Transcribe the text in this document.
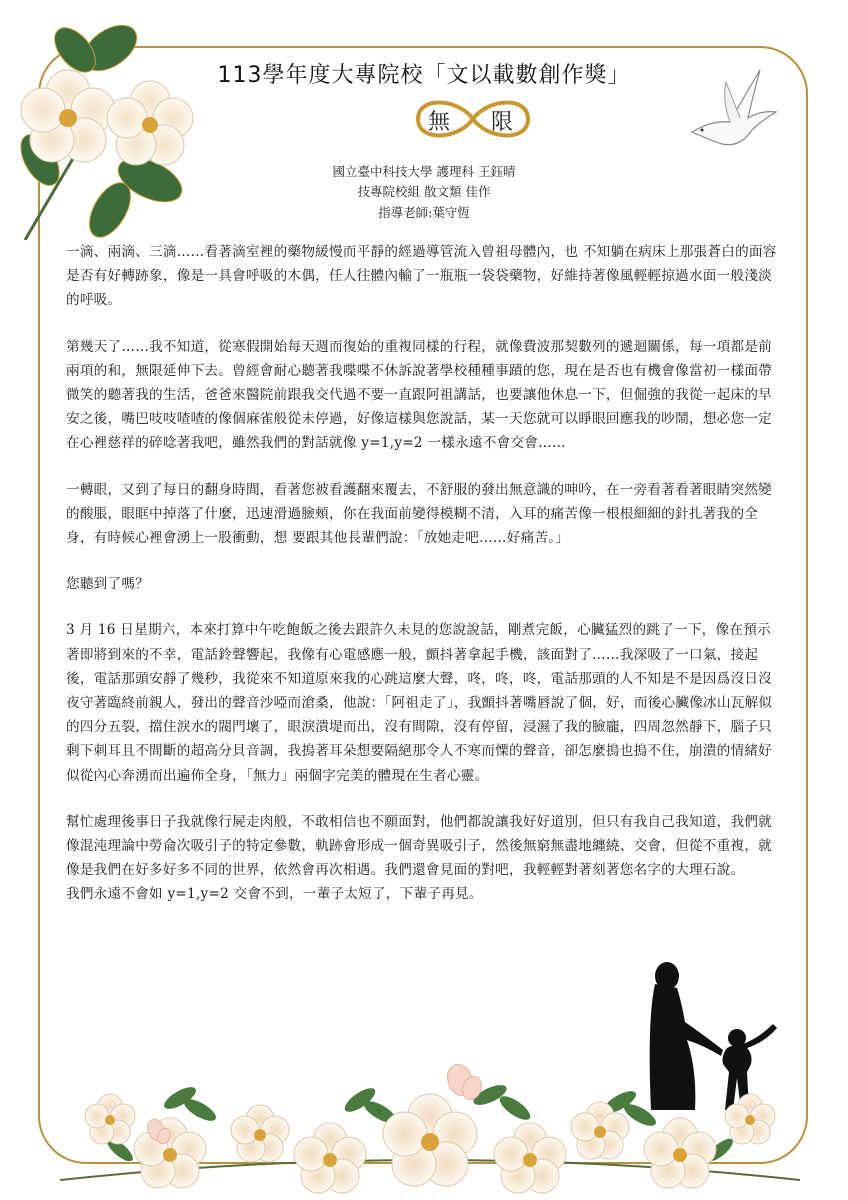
113學年度大專院校「文以載數創作獎」
無 限
國立臺中科技大學 護理科 王鈺晴
技專院校組 散文類 佳作
指導老師:葉守恆

一滴、兩滴、三滴……看著滴室裡的藥物緩慢而平靜的經過導管流入曾祖母體內，也 不知躺在病床上那張蒼白的面容是否有好轉跡象，像是一具會呼吸的木偶，任人往體內輸了一瓶瓶一袋袋藥物，好維持著像風輕輕掠過水面一般淺淡的呼吸。

第幾天了……我不知道，從寒假開始每天週而復始的重複同樣的行程，就像費波那契數列的遞迴關係，每一項都是前兩項的和，無限延伸下去。曾經會耐心聽著我喋喋不休訴說著學校種種事蹟的您，現在是否也有機會像當初一樣面帶微笑的聽著我的生活，爸爸來醫院前跟我交代過不要一直跟阿祖講話，也要讓他休息一下，但倔強的我從一起床的早安之後，嘴巴吱吱喳喳的像個麻雀般從未停過，好像這樣與您說話，某一天您就可以睜眼回應我的吵鬧，想必您一定在心裡慈祥的碎唸著我吧，雖然我們的對話就像 y=1,y=2 一樣永遠不會交會……

一轉眼，又到了每日的翻身時間，看著您被看護翻來覆去，不舒服的發出無意識的呻吟，在一旁看著看著眼睛突然變的酸脹，眼眶中掉落了什麼，迅速滑過臉頰，你在我面前變得模糊不清，入耳的痛苦像一根根細細的針扎著我的全身，有時候心裡會湧上一股衝動，想 要跟其他長輩們說：「放她走吧……好痛苦。」

您聽到了嗎？

3 月 16 日星期六，本來打算中午吃飽飯之後去跟許久未見的您說說話，剛煮完飯，心臟猛烈的跳了一下，像在預示著即將到來的不幸，電話鈴聲響起，我像有心電感應一般，顫抖著拿起手機，該面對了……我深吸了一口氣，接起後，電話那頭安靜了幾秒，我從來不知道原來我的心跳這麼大聲，咚，咚，咚，電話那頭的人不知是不是因爲沒日沒夜守著臨終前親人，發出的聲音沙啞而滄桑，他說：「阿祖走了」，我顫抖著嘴唇說了個，好，而後心臟像冰山瓦解似的四分五裂，擋住淚水的閥門壞了，眼淚潰堤而出，沒有間隙，沒有停留，浸濕了我的臉龐，四周忽然靜下，腦子只剩下刺耳且不間斷的超高分貝音調，我摀著耳朵想要隔絕那令人不寒而慄的聲音，卻怎麼摀也摀不住，崩潰的情緒好似從內心奔湧而出遍佈全身，「無力」兩個字完美的體現在生者心靈。

幫忙處理後事日子我就像行屍走肉般，不敢相信也不願面對，他們都說讓我好好道別，但只有我自己我知道，我們就像混沌理論中勞侖次吸引子的特定參數，軌跡會形成一個奇異吸引子，然後無窮無盡地纏繞、交會，但從不重複，就像是我們在好多好多不同的世界，依然會再次相遇。我們還會見面的對吧，我輕輕對著刻著您名字的大理石說。

我們永遠不會如 y=1,y=2 交會不到，一輩子太短了，下輩子再見。
